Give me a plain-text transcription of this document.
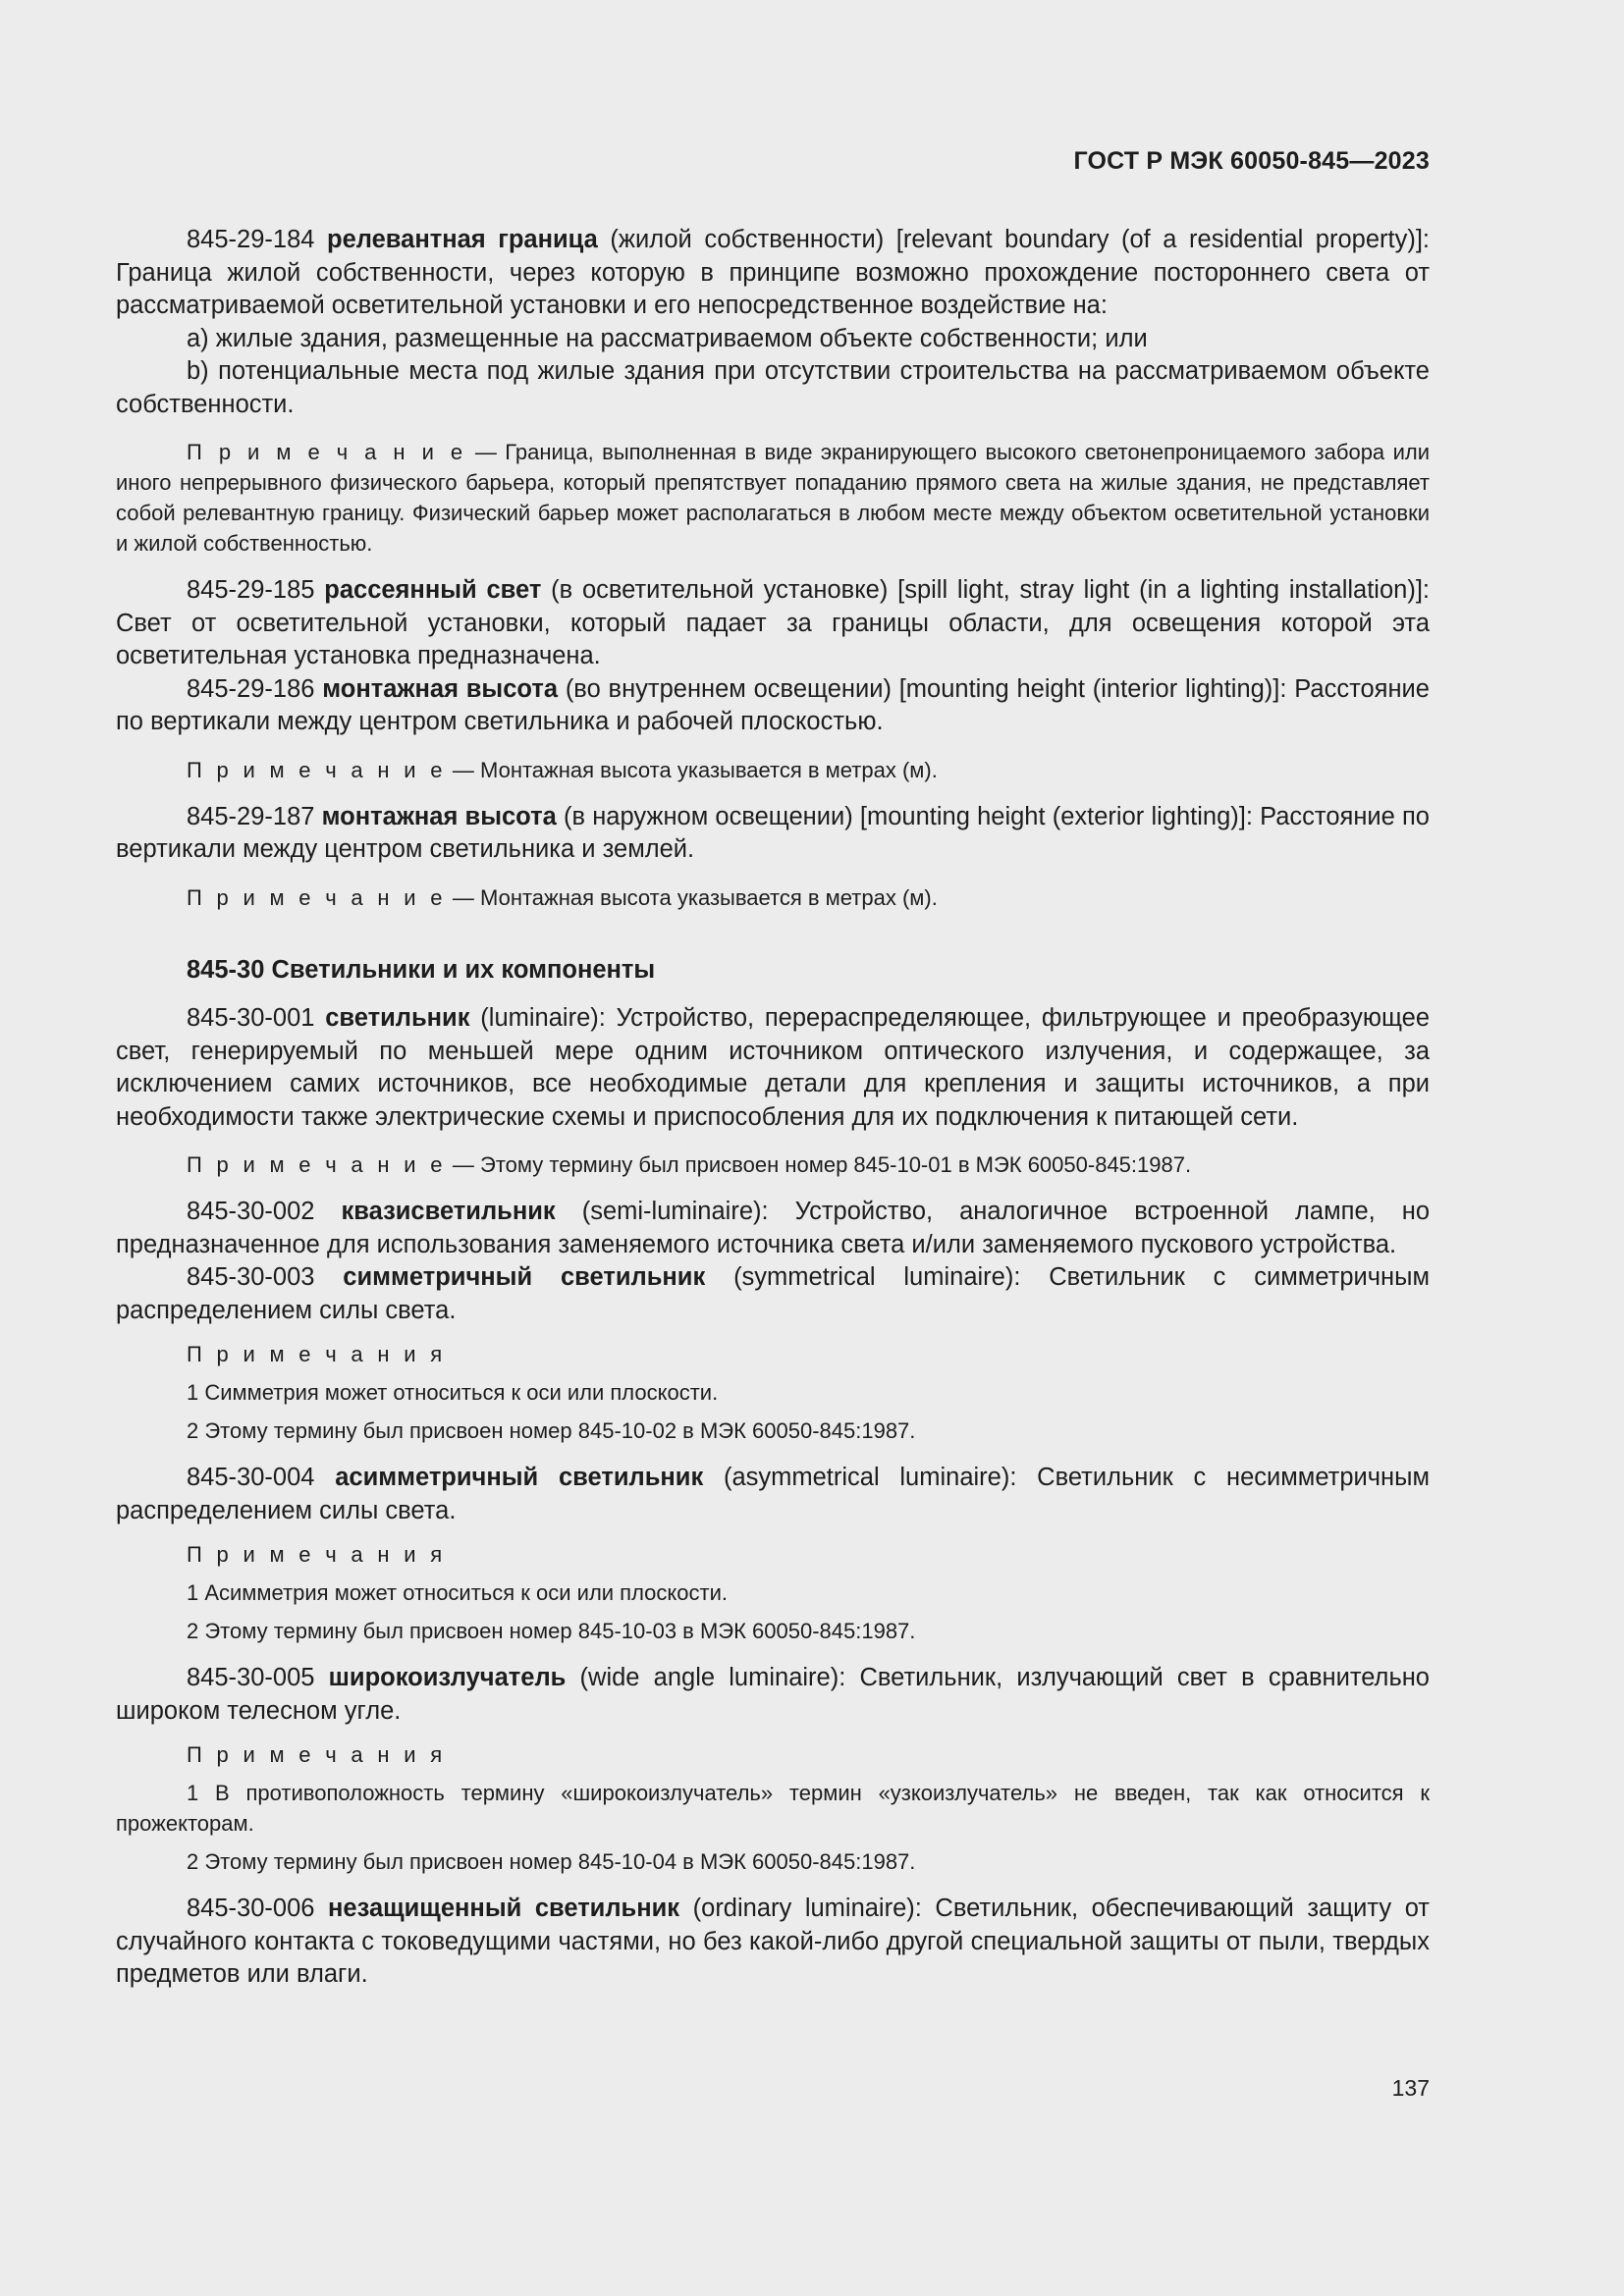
ГОСТ Р МЭК 60050-845—2023

845-29-184 релевантная граница (жилой собственности) [relevant boundary (of a residential property)]: Граница жилой собственности, через которую в принципе возможно прохождение постороннего света от рассматриваемой осветительной установки и его непосредственное воздействие на:

a) жилые здания, размещенные на рассматриваемом объекте собственности; или

b) потенциальные места под жилые здания при отсутствии строительства на рассматриваемом объекте собственности.

П р и м е ч а н и е — Граница, выполненная в виде экранирующего высокого светонепроницаемого забора или иного непрерывного физического барьера, который препятствует попаданию прямого света на жилые здания, не представляет собой релевантную границу. Физический барьер может располагаться в любом месте между объектом осветительной установки и жилой собственностью.

845-29-185 рассеянный свет (в осветительной установке) [spill light, stray light (in a lighting installation)]: Свет от осветительной установки, который падает за границы области, для освещения которой эта осветительная установка предназначена.

845-29-186 монтажная высота (во внутреннем освещении) [mounting height (interior lighting)]: Расстояние по вертикали между центром светильника и рабочей плоскостью.

П р и м е ч а н и е — Монтажная высота указывается в метрах (м).

845-29-187 монтажная высота (в наружном освещении) [mounting height (exterior lighting)]: Расстояние по вертикали между центром светильника и землей.

П р и м е ч а н и е — Монтажная высота указывается в метрах (м).

845-30 Светильники и их компоненты

845-30-001 светильник (luminaire): Устройство, перераспределяющее, фильтрующее и преобразующее свет, генерируемый по меньшей мере одним источником оптического излучения, и содержащее, за исключением самих источников, все необходимые детали для крепления и защиты источников, а при необходимости также электрические схемы и приспособления для их подключения к питающей сети.

П р и м е ч а н и е — Этому термину был присвоен номер 845-10-01 в МЭК 60050-845:1987.

845-30-002 квазисветильник (semi-luminaire): Устройство, аналогичное встроенной лампе, но предназначенное для использования заменяемого источника света и/или заменяемого пускового устройства.

845-30-003 симметричный светильник (symmetrical luminaire): Светильник с симметричным распределением силы света.

П р и м е ч а н и я

1 Симметрия может относиться к оси или плоскости.

2 Этому термину был присвоен номер 845-10-02 в МЭК 60050-845:1987.

845-30-004 асимметричный светильник (asymmetrical luminaire): Светильник с несимметричным распределением силы света.

П р и м е ч а н и я

1 Асимметрия может относиться к оси или плоскости.

2 Этому термину был присвоен номер 845-10-03 в МЭК 60050-845:1987.

845-30-005 широкоизлучатель (wide angle luminaire): Светильник, излучающий свет в сравнительно широком телесном угле.

П р и м е ч а н и я

1 В противоположность термину «широкоизлучатель» термин «узкоизлучатель» не введен, так как относится к прожекторам.

2 Этому термину был присвоен номер 845-10-04 в МЭК 60050-845:1987.

845-30-006 незащищенный светильник (ordinary luminaire): Светильник, обеспечивающий защиту от случайного контакта с токоведущими частями, но без какой-либо другой специальной защиты от пыли, твердых предметов или влаги.

137
